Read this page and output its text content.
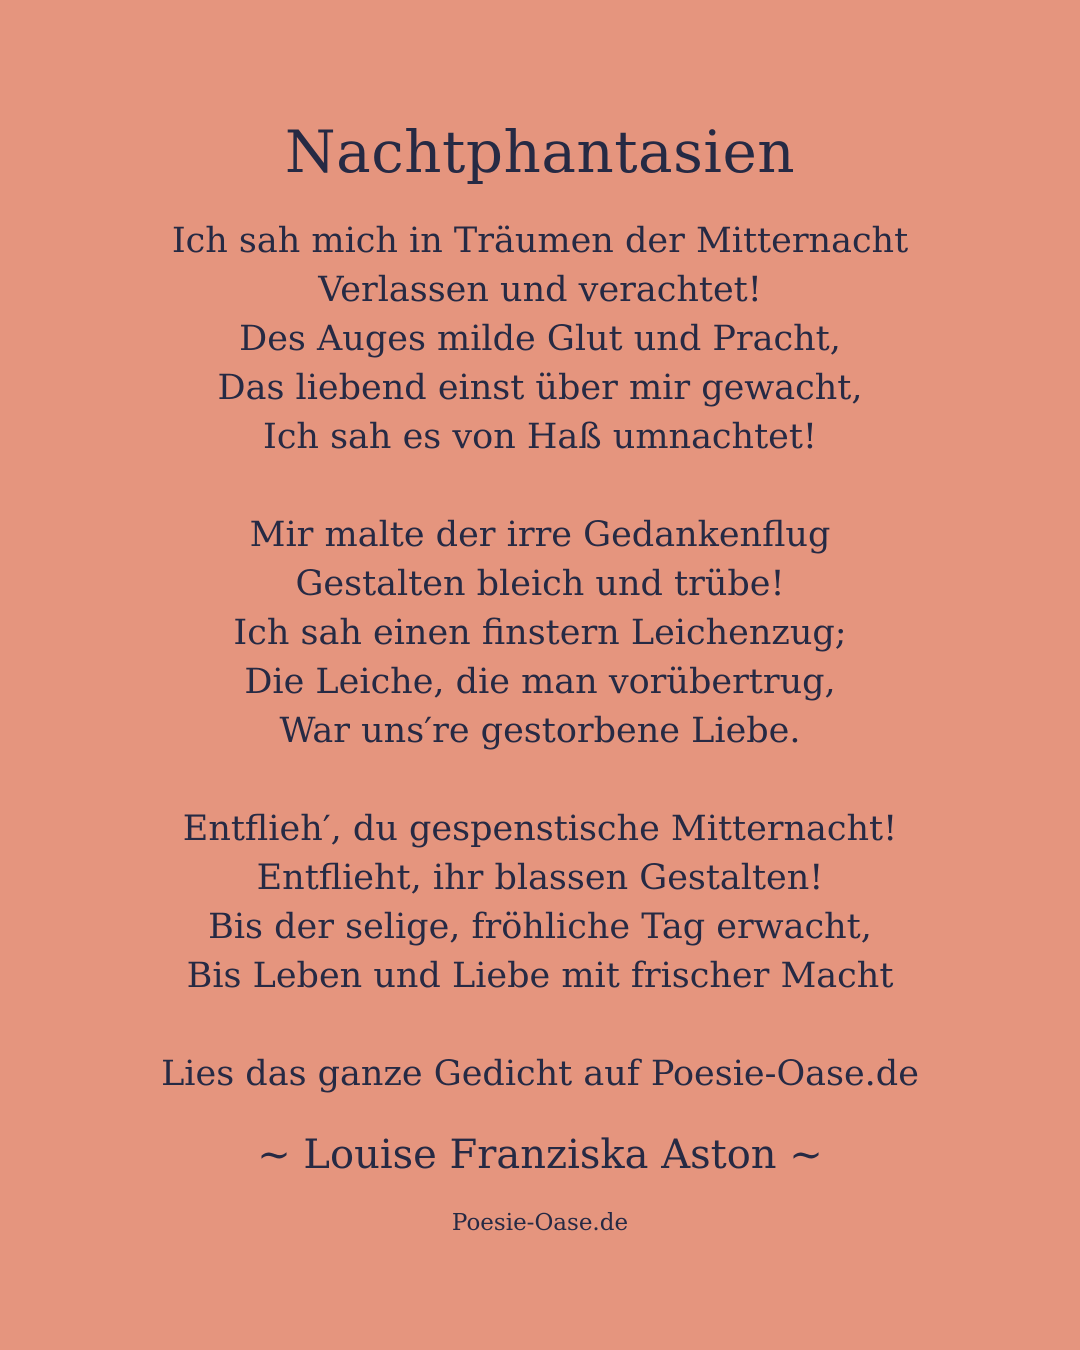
Nachtphantasien
Ich sah mich in Träumen der Mitternacht
Verlassen und verachtet!
Des Auges milde Glut und Pracht,
Das liebend einst über mir gewacht,
Ich sah es von Haß umnachtet!
Mir malte der irre Gedankenflug
Gestalten bleich und trübe!
Ich sah einen finstern Leichenzug;
Die Leiche, die man vorübertrug,
War uns′re gestorbene Liebe.
Entflieh′, du gespenstische Mitternacht!
Entflieht, ihr blassen Gestalten!
Bis der selige, fröhliche Tag erwacht,
Bis Leben und Liebe mit frischer Macht
Lies das ganze Gedicht auf Poesie-Oase.de
~ Louise Franziska Aston ~
Poesie-Oase.de
